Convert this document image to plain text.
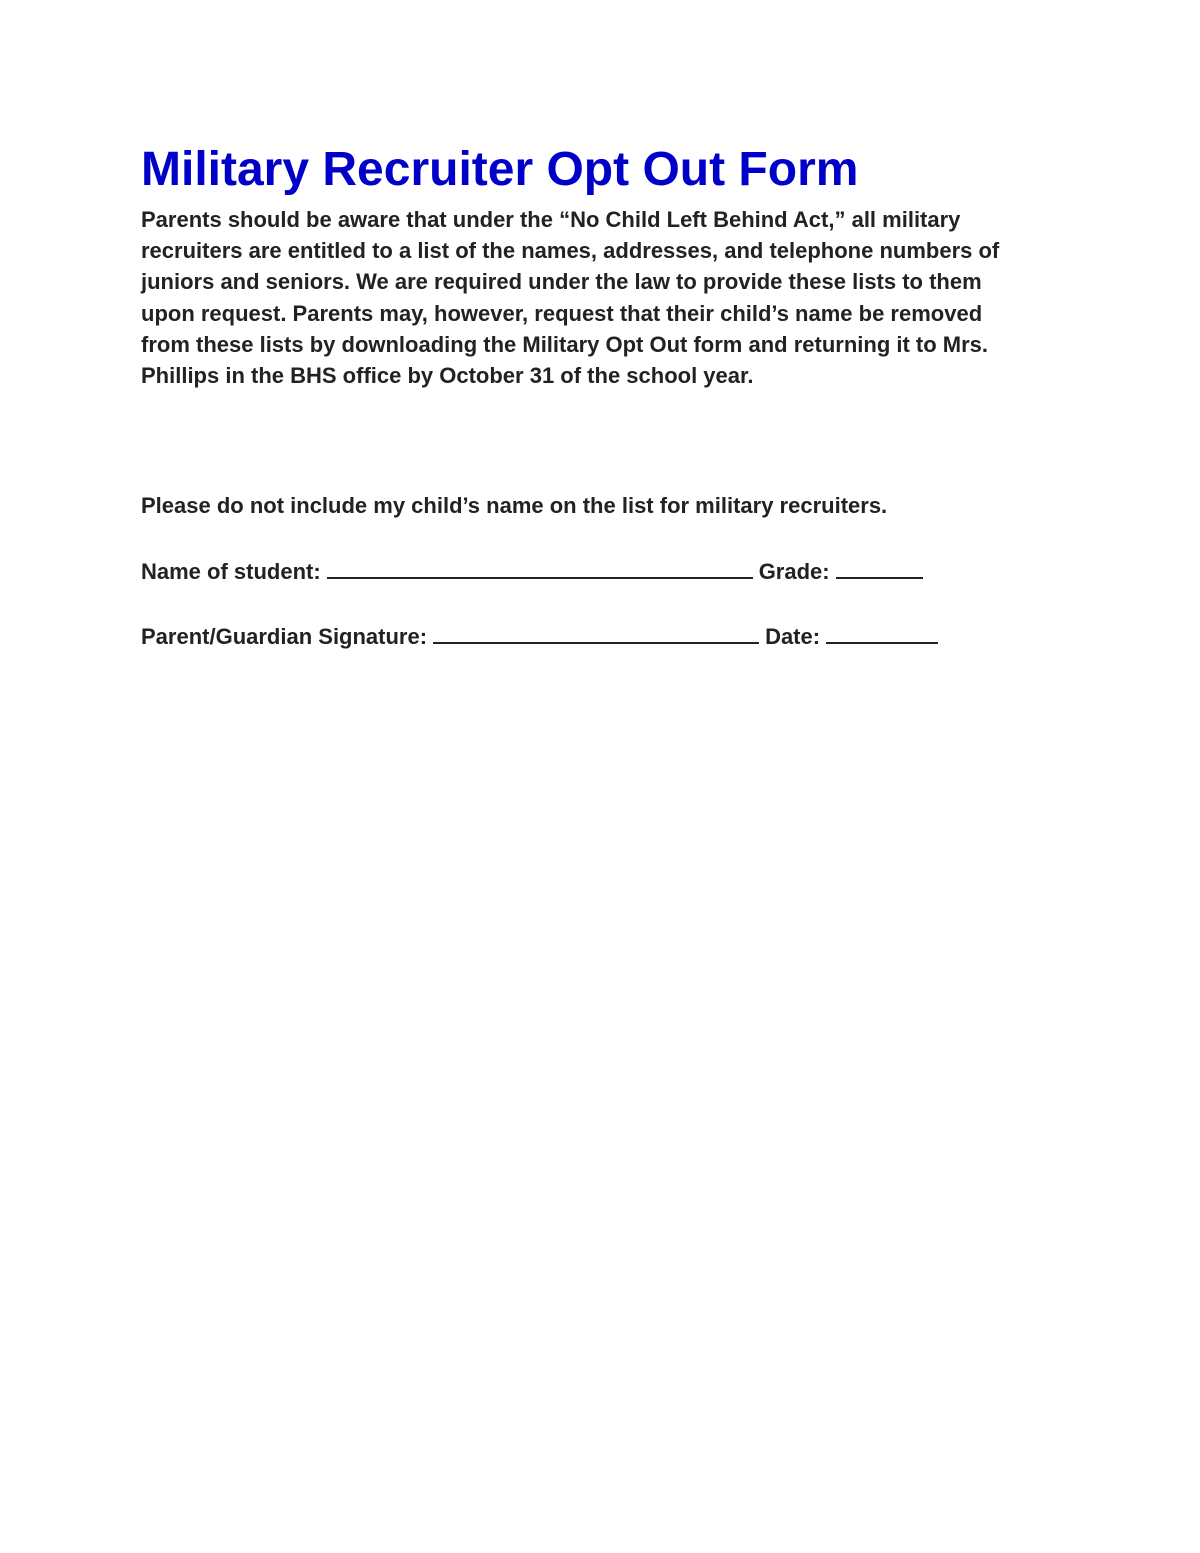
Military Recruiter Opt Out Form

Parents should be aware that under the “No Child Left Behind Act,” all military
recruiters are entitled to a list of the names, addresses, and telephone numbers of
juniors and seniors. We are required under the law to provide these lists to them
upon request. Parents may, however, request that their child’s name be removed
from these lists by downloading the Military Opt Out form and returning it to Mrs.
Phillips in the BHS office by October 31 of the school year.

Please do not include my child’s name on the list for military recruiters.
Name of student:	Grade:
Parent/Guardian Signature:	Date:
